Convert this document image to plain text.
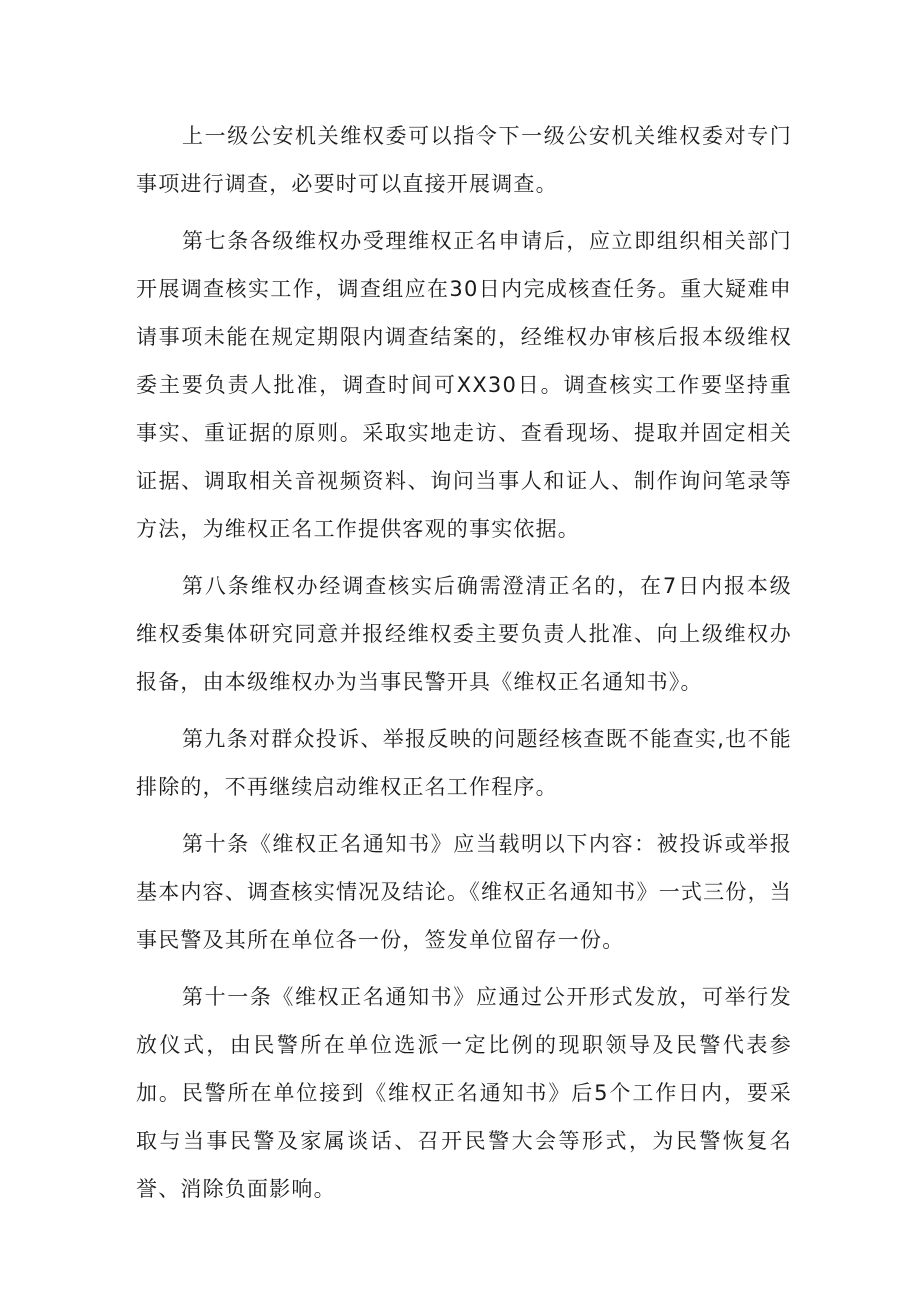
上一级公安机关维权委可以指令下一级公安机关维权委对专门事项进行调查，必要时可以直接开展调查。

第七条各级维权办受理维权正名申请后，应立即组织相关部门开展调查核实工作，调查组应在30日内完成核查任务。重大疑难申请事项未能在规定期限内调查结案的，经维权办审核后报本级维权委主要负责人批准，调查时间可XX30日。调查核实工作要坚持重事实、重证据的原则。采取实地走访、查看现场、提取并固定相关证据、调取相关音视频资料、询问当事人和证人、制作询问笔录等方法，为维权正名工作提供客观的事实依据。

第八条维权办经调查核实后确需澄清正名的，在7日内报本级维权委集体研究同意并报经维权委主要负责人批准、向上级维权办报备，由本级维权办为当事民警开具《维权正名通知书》。

第九条对群众投诉、举报反映的问题经核查既不能查实,也不能排除的，不再继续启动维权正名工作程序。

第十条《维权正名通知书》应当载明以下内容：被投诉或举报基本内容、调查核实情况及结论。《维权正名通知书》一式三份，当事民警及其所在单位各一份，签发单位留存一份。

第十一条《维权正名通知书》应通过公开形式发放，可举行发放仪式，由民警所在单位选派一定比例的现职领导及民警代表参加。民警所在单位接到《维权正名通知书》后5个工作日内，要采取与当事民警及家属谈话、召开民警大会等形式，为民警恢复名誉、消除负面影响。
